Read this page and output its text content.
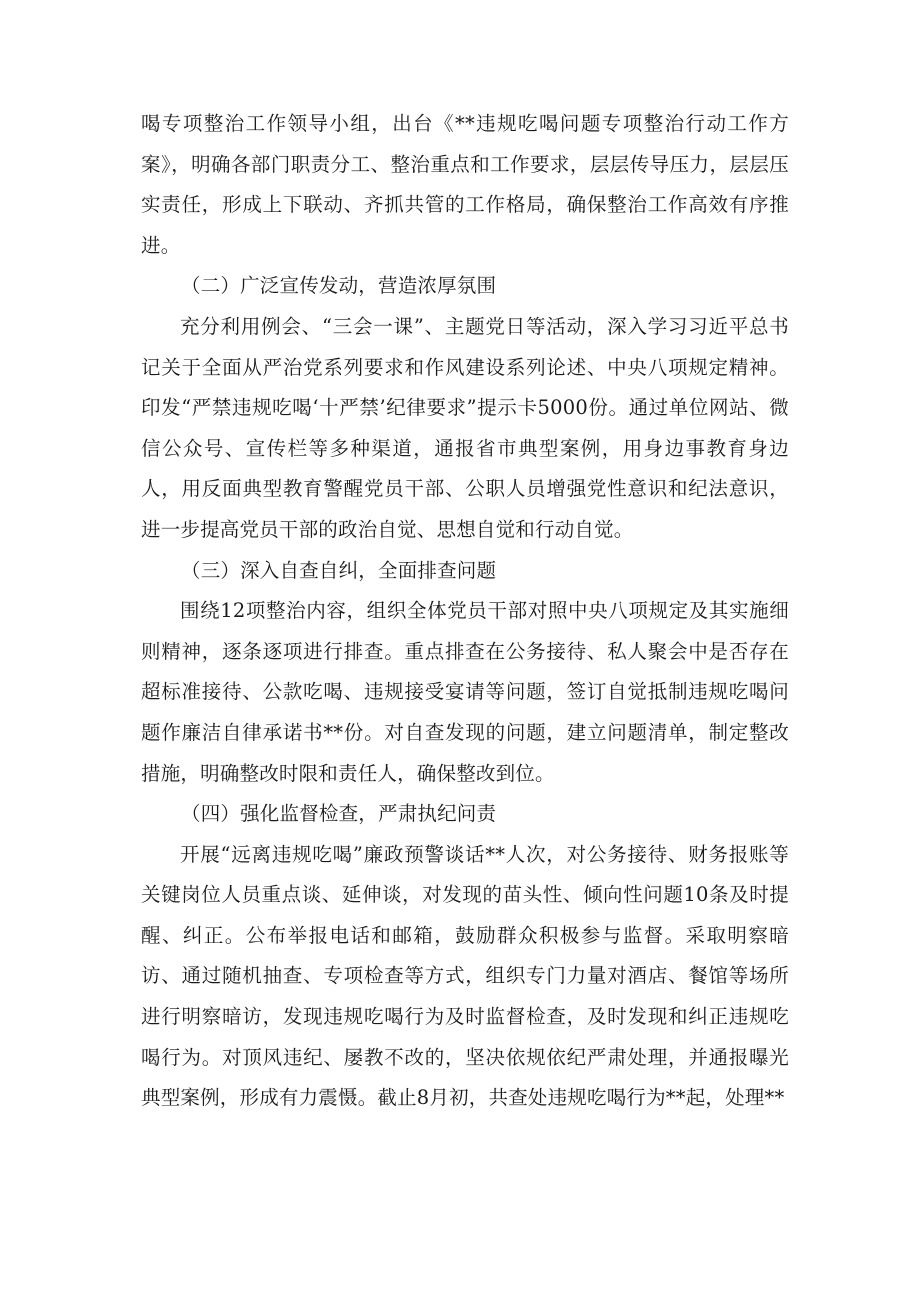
喝专项整治工作领导小组，出台《**违规吃喝问题专项整治行动工作方案》，明确各部门职责分工、整治重点和工作要求，层层传导压力，层层压实责任，形成上下联动、齐抓共管的工作格局，确保整治工作高效有序推进。

（二）广泛宣传发动，营造浓厚氛围

充分利用例会、“三会一课”、主题党日等活动，深入学习习近平总书记关于全面从严治党系列要求和作风建设系列论述、中央八项规定精神。印发“严禁违规吃喝‘十严禁’纪律要求”提示卡5000份。通过单位网站、微信公众号、宣传栏等多种渠道，通报省市典型案例，用身边事教育身边人，用反面典型教育警醒党员干部、公职人员增强党性意识和纪法意识，进一步提高党员干部的政治自觉、思想自觉和行动自觉。

（三）深入自查自纠，全面排查问题

围绕12项整治内容，组织全体党员干部对照中央八项规定及其实施细则精神，逐条逐项进行排查。重点排查在公务接待、私人聚会中是否存在超标准接待、公款吃喝、违规接受宴请等问题，签订自觉抵制违规吃喝问题作廉洁自律承诺书**份。对自查发现的问题，建立问题清单，制定整改措施，明确整改时限和责任人，确保整改到位。

（四）强化监督检查，严肃执纪问责

开展“远离违规吃喝”廉政预警谈话**人次，对公务接待、财务报账等关键岗位人员重点谈、延伸谈，对发现的苗头性、倾向性问题10条及时提醒、纠正。公布举报电话和邮箱，鼓励群众积极参与监督。采取明察暗访、通过随机抽查、专项检查等方式，组织专门力量对酒店、餐馆等场所进行明察暗访，发现违规吃喝行为及时监督检查，及时发现和纠正违规吃喝行为。对顶风违纪、屡教不改的，坚决依规依纪严肃处理，并通报曝光典型案例，形成有力震慑。截止8月初，共查处违规吃喝行为**起，处理**
